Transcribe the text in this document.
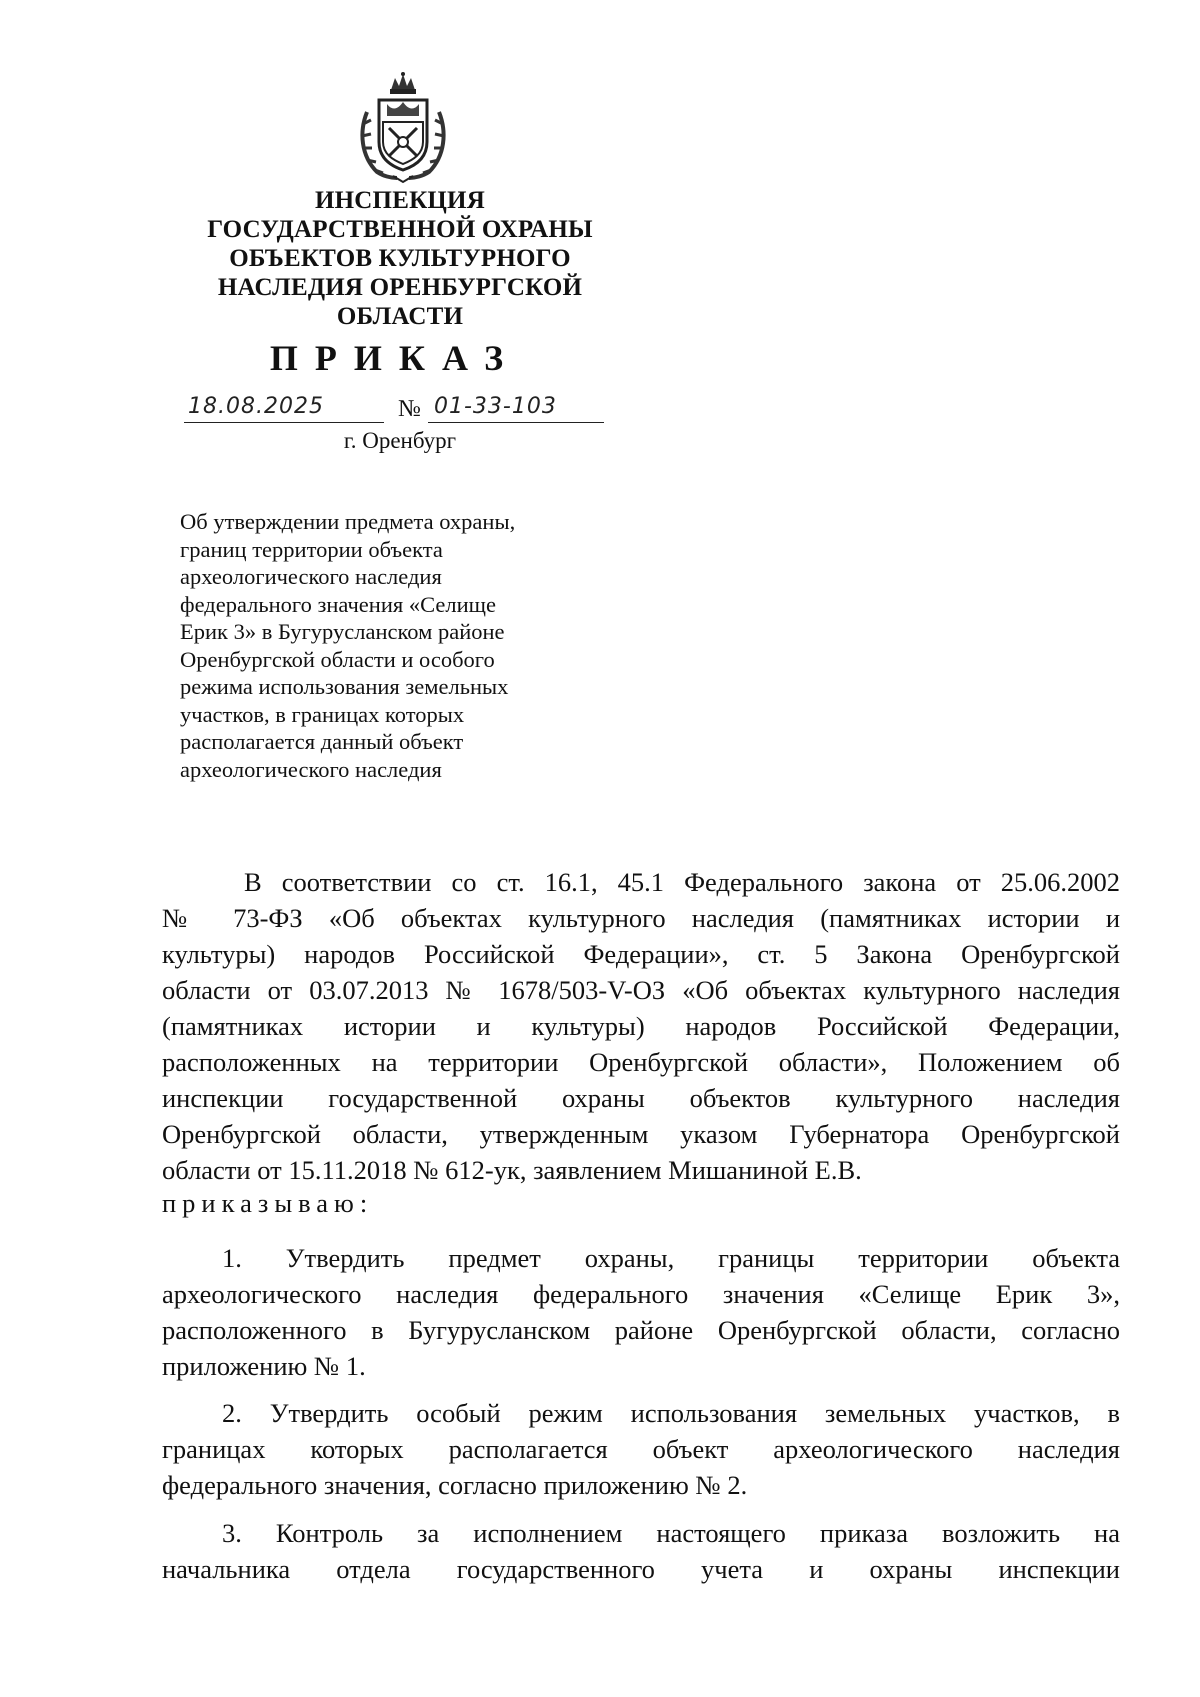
ИНСПЕКЦИЯ
ГОСУДАРСТВЕННОЙ ОХРАНЫ
ОБЪЕКТОВ КУЛЬТУРНОГО
НАСЛЕДИЯ ОРЕНБУРГСКОЙ
ОБЛАСТИ
ПРИКАЗ
18.08.2025	№ 01-33-103
г. Оренбург
Об утверждении предмета охраны,
границ территории объекта
археологического наследия
федерального значения «Селище
Ерик 3» в Бугурусланском районе
Оренбургской области и особого
режима использования земельных
участков, в границах которых
располагается данный объект
археологического наследия
В соответствии со ст. 16.1, 45.1 Федерального закона от 25.06.2002
№ 73-ФЗ «Об объектах культурного наследия (памятниках истории и
культуры) народов Российской Федерации», ст. 5 Закона Оренбургской
области от 03.07.2013 № 1678/503-V-ОЗ «Об объектах культурного наследия
(памятниках истории и культуры) народов Российской Федерации,
расположенных на территории Оренбургской области», Положением об
инспекции государственной охраны объектов культурного наследия
Оренбургской области, утвержденным указом Губернатора Оренбургской
области от 15.11.2018 № 612-ук, заявлением Мишаниной Е.В.
приказываю:
1. Утвердить предмет охраны, границы территории объекта
археологического наследия федерального значения «Селище Ерик 3»,
расположенного в Бугурусланском районе Оренбургской области, согласно
приложению № 1.
2. Утвердить особый режим использования земельных участков, в
границах которых располагается объект археологического наследия
федерального значения, согласно приложению № 2.
3. Контроль за исполнением настоящего приказа возложить на
начальника отдела государственного учета и охраны инспекции
